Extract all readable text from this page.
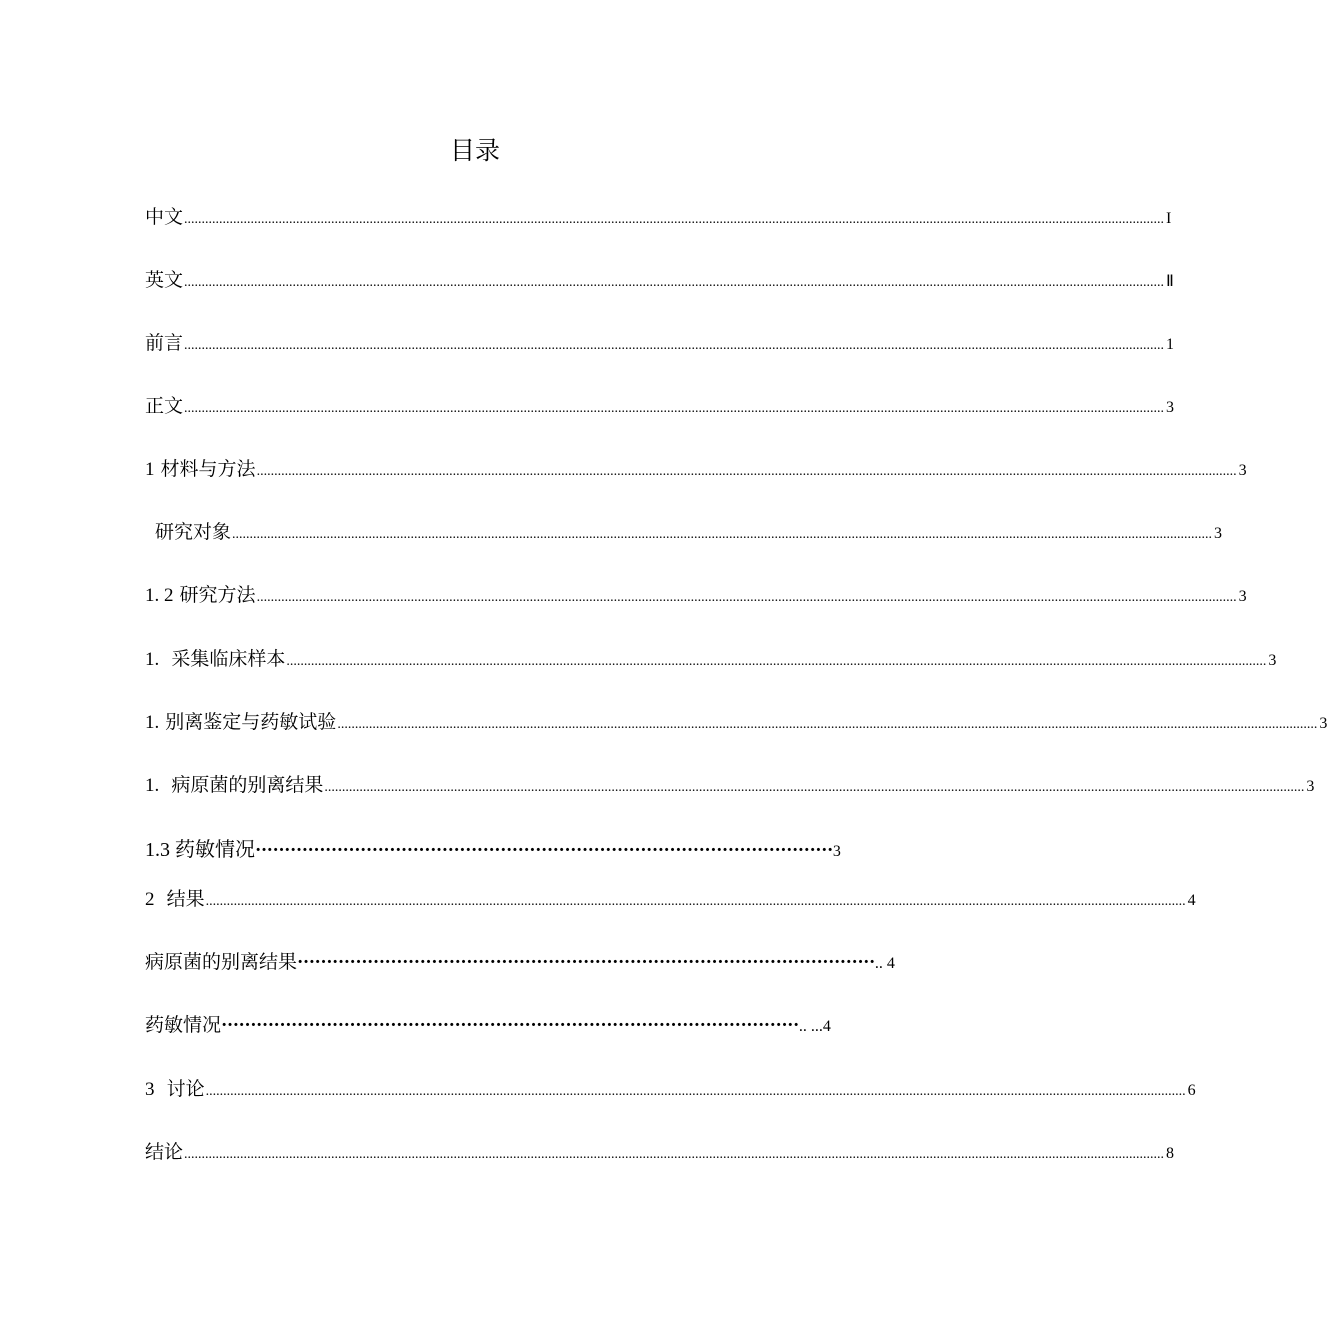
目录
中文 .....	I
英文 .....	Ⅱ
前言 .....	1
正文 .....	3
1 材料与方法 .....	3
研究对象 .....	3
1. 2 研究方法 .....	3
1. 采集临床样本 .....	3
1. 别离鉴定与药敏试验 .....	3
1. 病原菌的别离结果 .....	3
1.3 药敏情况 ··································································································· 3
2 结果 .....	4
病原菌的别离结果 ··································································································· .. 4
药敏情况 ··································································································· .. ...4
3 讨论 .....	6
结论 .....	8
